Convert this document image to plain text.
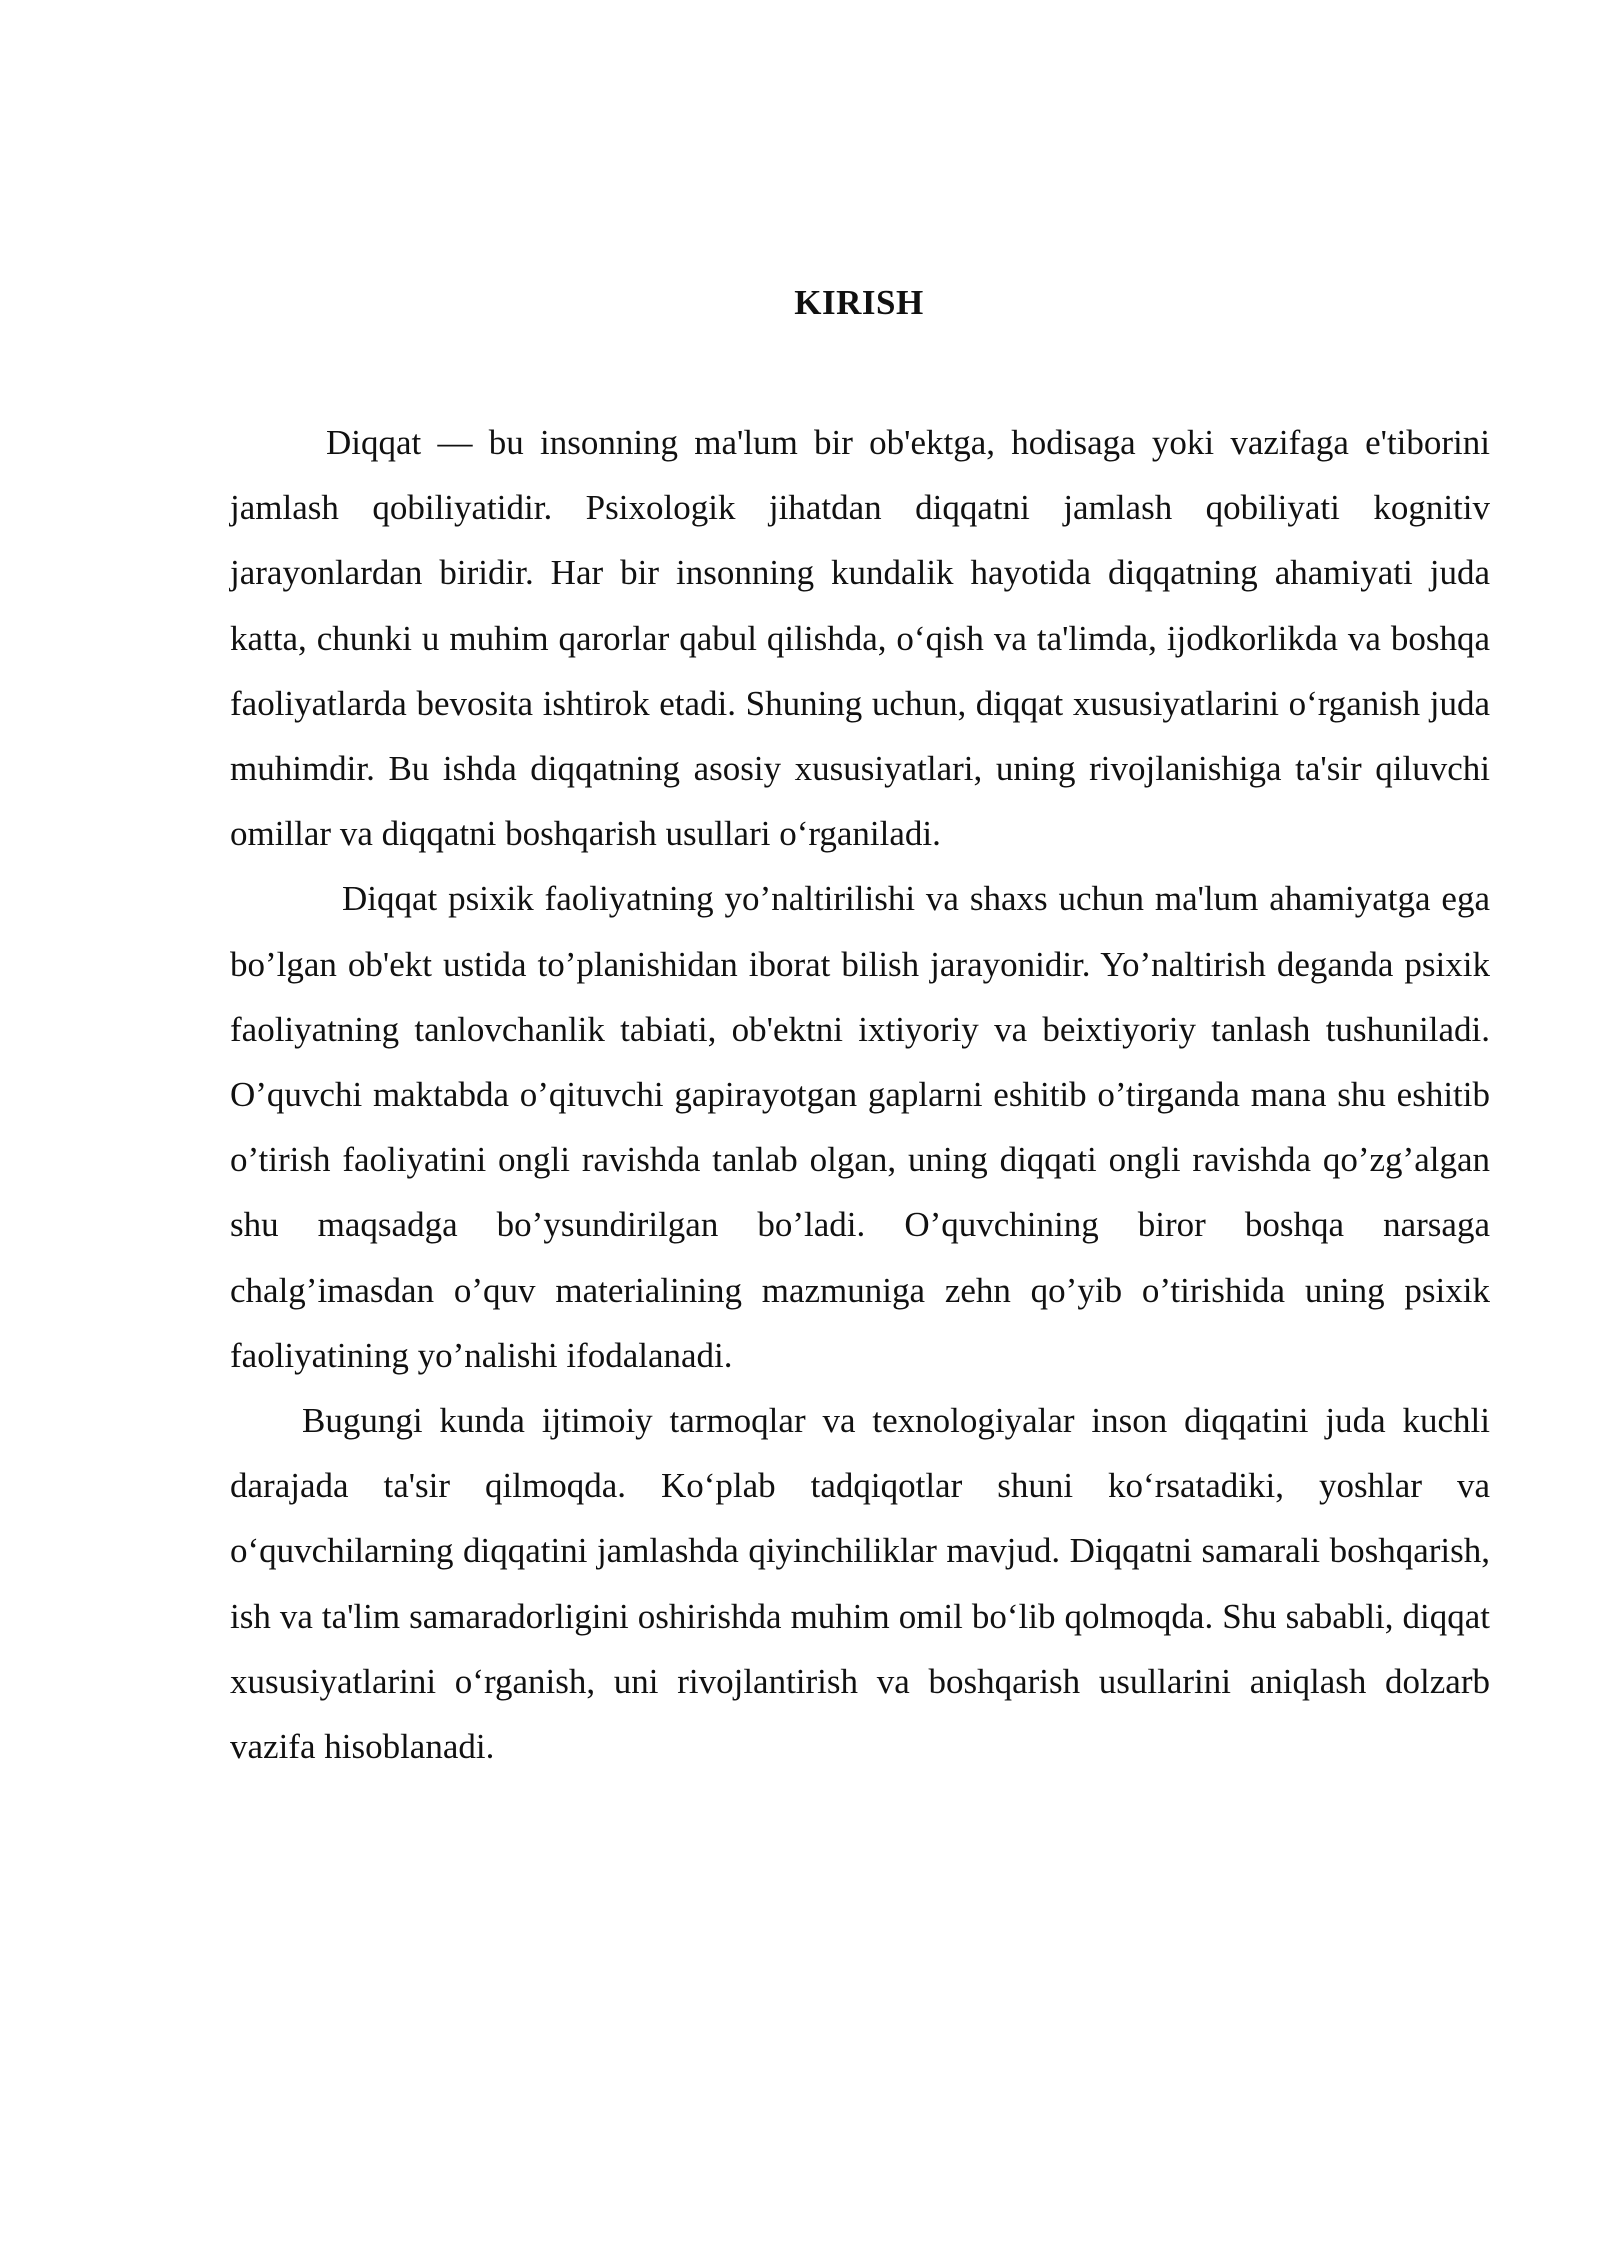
KIRISH

Diqqat — bu insonning ma'lum bir ob'ektga, hodisaga yoki vazifaga e'tiborini jamlash qobiliyatidir. Psixologik jihatdan diqqatni jamlash qobiliyati kognitiv jarayonlardan biridir. Har bir insonning kundalik hayotida diqqatning ahamiyati juda katta, chunki u muhim qarorlar qabul qilishda, o‘qish va ta'limda, ijodkorlikda va boshqa faoliyatlarda bevosita ishtirok etadi. Shuning uchun, diqqat xususiyatlarini o‘rganish juda muhimdir. Bu ishda diqqatning asosiy xususiyatlari, uning rivojlanishiga ta'sir qiluvchi omillar va diqqatni boshqarish usullari o‘rganiladi.

Diqqat psixik faoliyatning yo’naltirilishi va shaxs uchun ma'lum ahamiyatga ega bo’lgan ob'ekt ustida to’planishidan iborat bilish jarayonidir. Yo’naltirish deganda psixik faoliyatning tanlovchanlik tabiati, ob'ektni ixtiyoriy va beixtiyoriy tanlash tushuniladi. O’quvchi maktabda o’qituvchi gapirayotgan gaplarni eshitib o’tirganda mana shu eshitib o’tirish faoliyatini ongli ravishda tanlab olgan, uning diqqati ongli ravishda qo’zg’algan shu maqsadga bo’ysundirilgan bo’ladi. O’quvchining biror boshqa narsaga chalg’imasdan o’quv materialining mazmuniga zehn qo’yib o’tirishida uning psixik faoliyatining yo’nalishi ifodalanadi.

Bugungi kunda ijtimoiy tarmoqlar va texnologiyalar inson diqqatini juda kuchli darajada ta'sir qilmoqda. Ko‘plab tadqiqotlar shuni ko‘rsatadiki, yoshlar va o‘quvchilarning diqqatini jamlashda qiyinchiliklar mavjud. Diqqatni samarali boshqarish, ish va ta'lim samaradorligini oshirishda muhim omil bo‘lib qolmoqda. Shu sababli, diqqat xususiyatlarini o‘rganish, uni rivojlantirish va boshqarish usullarini aniqlash dolzarb vazifa hisoblanadi.
